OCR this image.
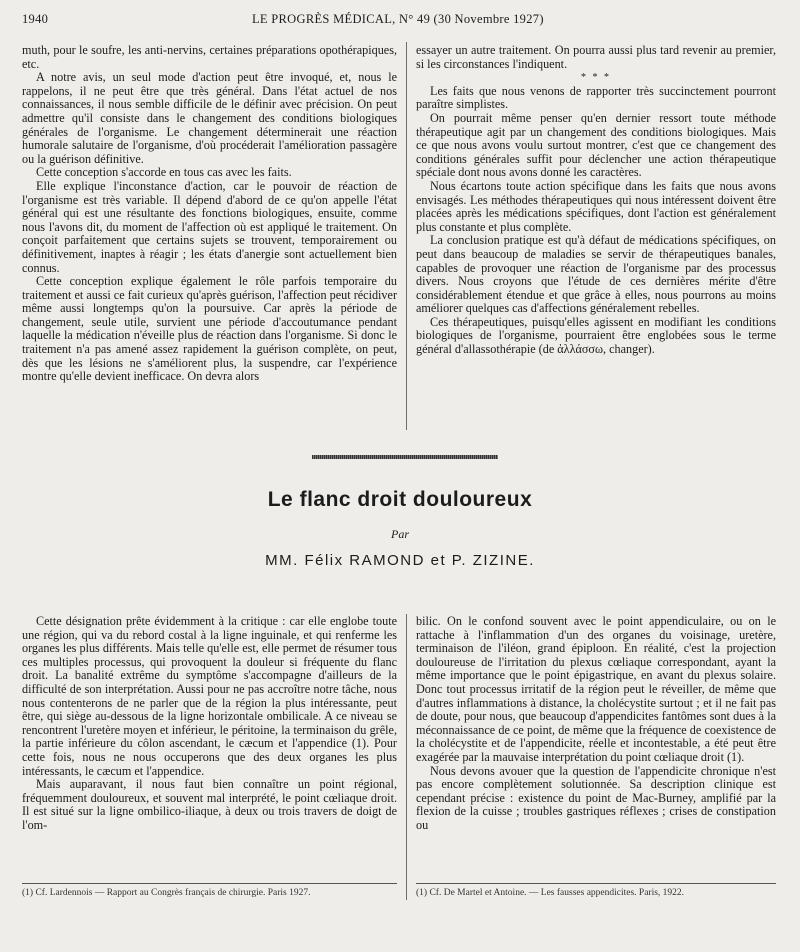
1940	LE PROGRÈS MÉDICAL, N° 49 (30 Novembre 1927)

muth, pour le soufre, les anti-nervins, certaines préparations opothérapiques, etc.

A notre avis, un seul mode d'action peut être invoqué, et, nous le rappelons, il ne peut être que très général. Dans l'état actuel de nos connaissances, il nous semble difficile de le définir avec précision. On peut admettre qu'il consiste dans le changement des conditions biologiques générales de l'organisme. Le changement déterminerait une réaction humorale salutaire de l'organisme, d'où procéderait l'amélioration passagère ou la guérison définitive.

Cette conception s'accorde en tous cas avec les faits.

Elle explique l'inconstance d'action, car le pouvoir de réaction de l'organisme est très variable. Il dépend d'abord de ce qu'on appelle l'état général qui est une résultante des fonctions biologiques, ensuite, comme nous l'avons dit, du moment de l'affection où est appliqué le traitement. On conçoit parfaitement que certains sujets se trouvent, temporairement ou définitivement, inaptes à réagir ; les états d'anergie sont actuellement bien connus.

Cette conception explique également le rôle parfois temporaire du traitement et aussi ce fait curieux qu'après guérison, l'affection peut récidiver même aussi longtemps qu'on la poursuive. Car après la période de changement, seule utile, survient une période d'accoutumance pendant laquelle la médication n'éveille plus de réaction dans l'organisme. Si donc le traitement n'a pas amené assez rapidement la guérison complète, on peut, dès que les lésions ne s'améliorent plus, la suspendre, car l'expérience montre qu'elle devient inefficace. On devra alors

essayer un autre traitement. On pourra aussi plus tard revenir au premier, si les circonstances l'indiquent.

* * *

Les faits que nous venons de rapporter très succinctement pourront paraître simplistes.

On pourrait même penser qu'en dernier ressort toute méthode thérapeutique agit par un changement des conditions biologiques. Mais ce que nous avons voulu surtout montrer, c'est que ce changement des conditions générales suffit pour déclencher une action thérapeutique spéciale dont nous avons donné les caractères.

Nous écartons toute action spécifique dans les faits que nous avons envisagés. Les méthodes thérapeutiques qui nous intéressent doivent être placées après les médications spécifiques, dont l'action est généralement plus constante et plus complète.

La conclusion pratique est qu'à défaut de médications spécifiques, on peut dans beaucoup de maladies se servir de thérapeutiques banales, capables de provoquer une réaction de l'organisme par des processus divers. Nous croyons que l'étude de ces dernières mérite d'être considérablement étendue et que grâce à elles, nous pourrons au moins améliorer quelques cas d'affections généralement rebelles.

Ces thérapeutiques, puisqu'elles agissent en modifiant les conditions biologiques de l'organisme, pourraient être englobées sous le terme général d'allassothérapie (de ἀλλάσσω, changer).

Le flanc droit douloureux
Par
MM. Félix RAMOND et P. ZIZINE.

Cette désignation prête évidemment à la critique : car elle englobe toute une région, qui va du rebord costal à la ligne inguinale, et qui renferme les organes les plus différents. Mais telle qu'elle est, elle permet de résumer tous ces multiples processus, qui provoquent la douleur si fréquente du flanc droit. La banalité extrême du symptôme s'accompagne d'ailleurs de la difficulté de son interprétation. Aussi pour ne pas accroître notre tâche, nous nous contenterons de ne parler que de la région la plus intéressante, peut être, qui siège au-dessous de la ligne horizontale ombilicale. A ce niveau se rencontrent l'uretère moyen et inférieur, le péritoine, la terminaison du grêle, la partie inférieure du côlon ascendant, le cæcum et l'appendice (1). Pour cette fois, nous ne nous occuperons que des deux organes les plus intéressants, le cæcum et l'appendice.

Mais auparavant, il nous faut bien connaître un point régional, fréquemment douloureux, et souvent mal interprété, le point cœliaque droit. Il est situé sur la ligne ombilico-iliaque, à deux ou trois travers de doigt de l'om-

bilic. On le confond souvent avec le point appendiculaire, ou on le rattache à l'inflammation d'un des organes du voisinage, uretère, terminaison de l'iléon, grand épiploon. En réalité, c'est la projection douloureuse de l'irritation du plexus cœliaque correspondant, ayant la même importance que le point épigastrique, en avant du plexus solaire. Donc tout processus irritatif de la région peut le réveiller, de même que d'autres inflammations à distance, la cholécystite surtout ; et il ne fait pas de doute, pour nous, que beaucoup d'appendicites fantômes sont dues à la méconnaissance de ce point, de même que la fréquence de coexistence de la cholécystite et de l'appendicite, réelle et incontestable, a été peut être exagérée par la mauvaise interprétation du point cœliaque droit (1).

Nous devons avouer que la question de l'appendicite chronique n'est pas encore complètement solutionnée. Sa description clinique est cependant précise : existence du point de Mac-Burney, amplifié par la flexion de la cuisse ; troubles gastriques réflexes ; crises de constipation ou

(1) Cf. Lardennois — Rapport au Congrès français de chirurgie. Paris 1927.	(1) Cf. De Martel et Antoine. — Les fausses appendicites. Paris, 1922.
